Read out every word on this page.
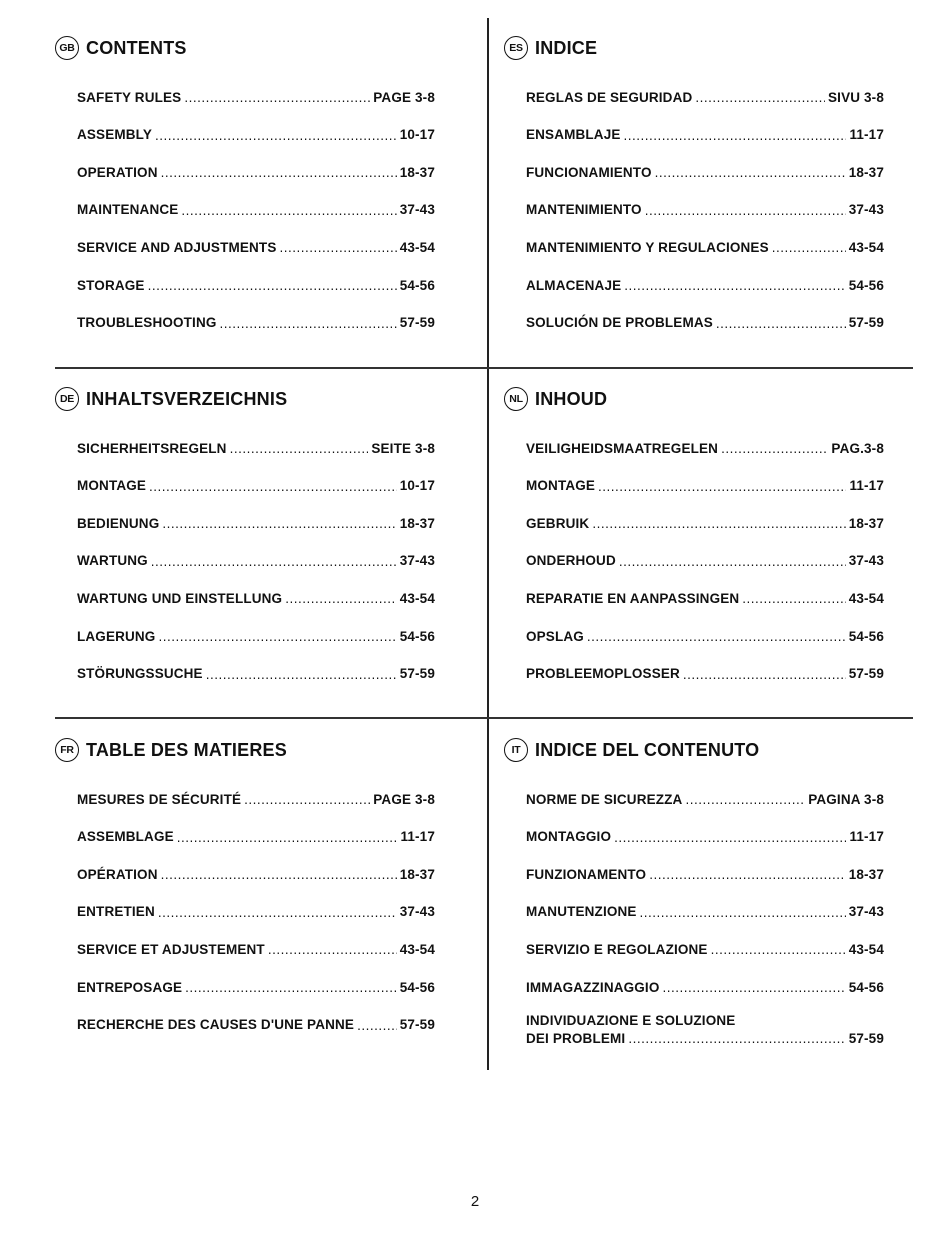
GB CONTENTS
SAFETY RULES .....	PAGE 3-8
ASSEMBLY .....	10-17
OPERATION .....	18-37
MAINTENANCE .....	37-43
SERVICE AND ADJUSTMENTS .....	43-54
STORAGE .....	54-56
TROUBLESHOOTING .....	57-59
ES INDICE
REGLAS DE SEGURIDAD .....	SIVU 3-8
ENSAMBLAJE .....	11-17
FUNCIONAMIENTO .....	18-37
MANTENIMIENTO .....	37-43
MANTENIMIENTO Y REGULACIONES .....	43-54
ALMACENAJE .....	54-56
SOLUCIÓN DE PROBLEMAS .....	57-59
DE INHALTSVERZEICHNIS
SICHERHEITSREGELN .....	SEITE 3-8
MONTAGE .....	10-17
BEDIENUNG .....	18-37
WARTUNG .....	37-43
WARTUNG UND EINSTELLUNG .....	43-54
LAGERUNG .....	54-56
STÖRUNGSSUCHE .....	57-59
NL INHOUD
VEILIGHEIDSMAATREGELEN .....	PAG.3-8
MONTAGE .....	11-17
GEBRUIK .....	18-37
ONDERHOUD .....	37-43
REPARATIE EN AANPASSINGEN .....	43-54
OPSLAG .....	54-56
PROBLEEMOPLOSSER .....	57-59
FR TABLE DES MATIERES
MESURES DE SÉCURITÉ .....	PAGE 3-8
ASSEMBLAGE .....	11-17
OPÉRATION .....	18-37
ENTRETIEN .....	37-43
SERVICE ET ADJUSTEMENT .....	43-54
ENTREPOSAGE .....	54-56
RECHERCHE DES CAUSES D'UNE PANNE .....	57-59
IT INDICE DEL CONTENUTO
NORME DE SICUREZZA .....	PAGINA 3-8
MONTAGGIO .....	11-17
FUNZIONAMENTO .....	18-37
MANUTENZIONE .....	37-43
SERVIZIO E REGOLAZIONE .....	43-54
IMMAGAZZINAGGIO .....	54-56
INDIVIDUAZIONE E SOLUZIONE
DEI PROBLEMI .....	57-59
2
